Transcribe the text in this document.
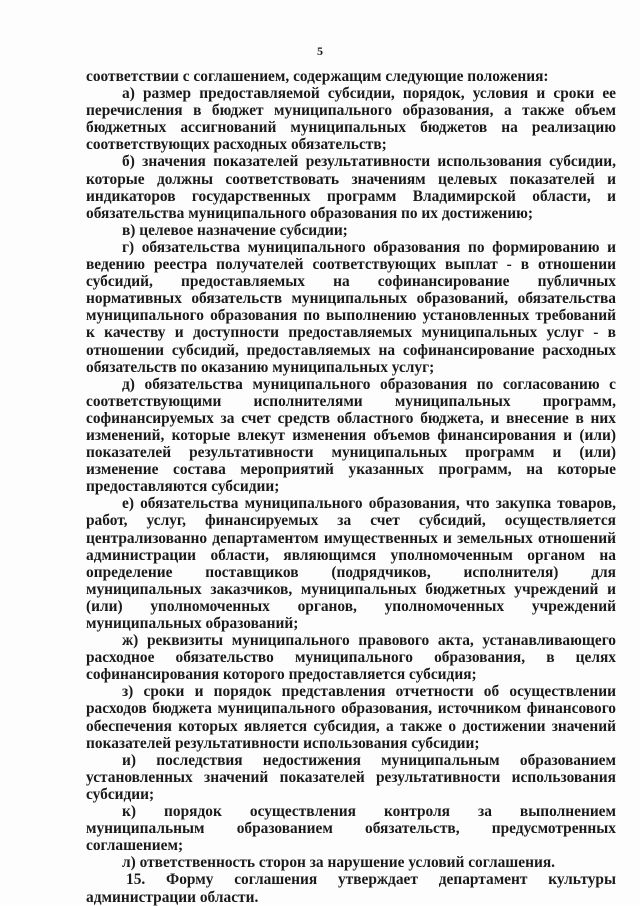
5

соответствии с соглашением, содержащим следующие положения:

а) размер предоставляемой субсидии, порядок, условия и сроки ее перечисления в бюджет муниципального образования, а также объем бюджетных ассигнований муниципальных бюджетов на реализацию соответствующих расходных обязательств;

б) значения показателей результативности использования субсидии, которые должны соответствовать значениям целевых показателей и индикаторов государственных программ Владимирской области, и обязательства муниципального образования по их достижению;

в) целевое назначение субсидии;

г) обязательства муниципального образования по формированию и ведению реестра получателей соответствующих выплат - в отношении субсидий, предоставляемых на софинансирование публичных нормативных обязательств муниципальных образований, обязательства муниципального образования по выполнению установленных требований к качеству и доступности предоставляемых муниципальных услуг - в отношении субсидий, предоставляемых на софинансирование расходных обязательств по оказанию муниципальных услуг;

д) обязательства муниципального образования по согласованию с соответствующими исполнителями муниципальных программ, софинансируемых за счет средств областного бюджета, и внесение в них изменений, которые влекут изменения объемов финансирования и (или) показателей результативности муниципальных программ и (или) изменение состава мероприятий указанных программ, на которые предоставляются субсидии;

е) обязательства муниципального образования, что закупка товаров, работ, услуг, финансируемых за счет субсидий, осуществляется централизованно департаментом имущественных и земельных отношений администрации области, являющимся уполномоченным органом на определение поставщиков (подрядчиков, исполнителя) для муниципальных заказчиков, муниципальных бюджетных учреждений и (или) уполномоченных органов, уполномоченных учреждений муниципальных образований;

ж) реквизиты муниципального правового акта, устанавливающего расходное обязательство муниципального образования, в целях софинансирования которого предоставляется субсидия;

з) сроки и порядок представления отчетности об осуществлении расходов бюджета муниципального образования, источником финансового обеспечения которых является субсидия, а также о достижении значений показателей результативности использования субсидии;

и) последствия недостижения муниципальным образованием установленных значений показателей результативности использования субсидии;

к) порядок осуществления контроля за выполнением муниципальным образованием обязательств, предусмотренных соглашением;

л) ответственность сторон за нарушение условий соглашения.

15. Форму соглашения утверждает департамент культуры администрации области.
